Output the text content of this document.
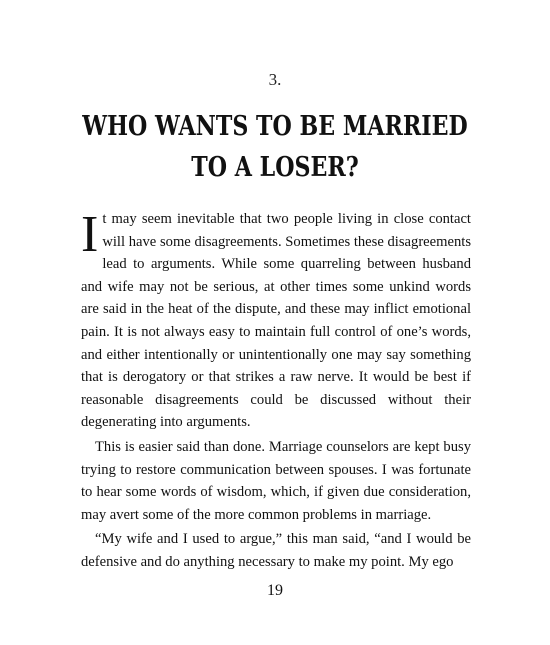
3.
WHO WANTS TO BE MARRIED
TO A LOSER?

It may seem inevitable that two people living in close contact will have some disagreements. Sometimes these disagreements lead to arguments. While some quarreling between husband and wife may not be serious, at other times some unkind words are said in the heat of the dispute, and these may inflict emotional pain. It is not always easy to maintain full control of one’s words, and either intentionally or unintentionally one may say something that is derogatory or that strikes a raw nerve. It would be best if reasonable disagreements could be discussed without their degenerating into arguments.

This is easier said than done. Marriage counselors are kept busy trying to restore communication between spouses. I was fortunate to hear some words of wisdom, which, if given due consideration, may avert some of the more common problems in marriage.

“My wife and I used to argue,” this man said, “and I would be defensive and do anything necessary to make my point. My ego

19
